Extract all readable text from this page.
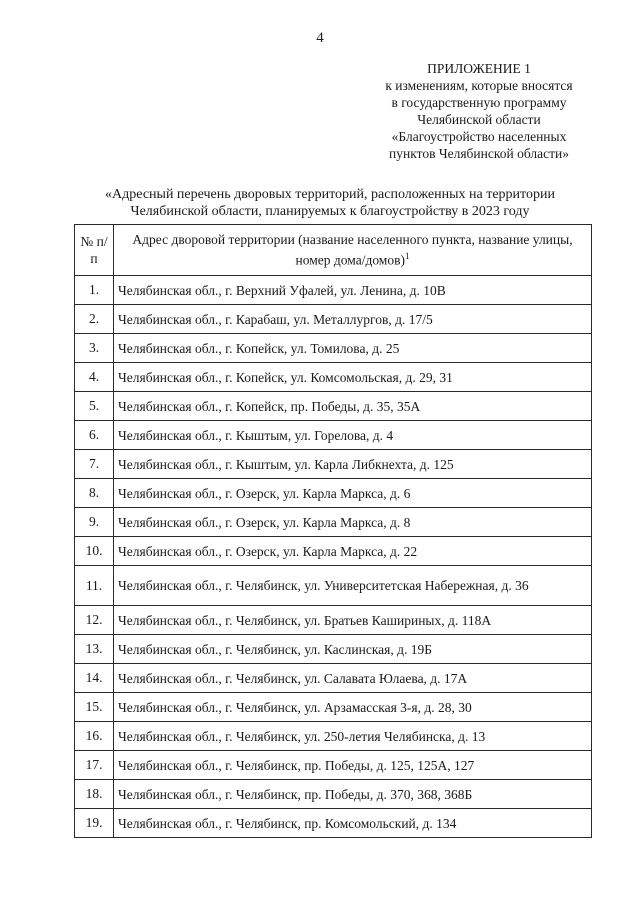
4
ПРИЛОЖЕНИЕ 1
к изменениям, которые вносятся
в государственную программу
Челябинской области
«Благоустройство населенных
пунктов Челябинской области»
«Адресный перечень дворовых территорий, расположенных на территории
Челябинской области, планируемых к благоустройству в 2023 году
№ п/п	Адрес дворовой территории (название населенного пункта, название улицы, номер дома/домов)$^1$
1.	Челябинская обл., г. Верхний Уфалей, ул. Ленина, д. 10В
2.	Челябинская обл., г. Карабаш, ул. Металлургов, д. 17/5
3.	Челябинская обл., г. Копейск, ул. Томилова, д. 25
4.	Челябинская обл., г. Копейск, ул. Комсомольская, д. 29, 31
5.	Челябинская обл., г. Копейск, пр. Победы, д. 35, 35А
6.	Челябинская обл., г. Кыштым, ул. Горелова, д. 4
7.	Челябинская обл., г. Кыштым, ул. Карла Либкнехта, д. 125
8.	Челябинская обл., г. Озерск, ул. Карла Маркса, д. 6
9.	Челябинская обл., г. Озерск, ул. Карла Маркса, д. 8
10.	Челябинская обл., г. Озерск, ул. Карла Маркса, д. 22
11.	Челябинская обл., г. Челябинск, ул. Университетская Набережная, д. 36
12.	Челябинская обл., г. Челябинск, ул. Братьев Кашириных, д. 118А
13.	Челябинская обл., г. Челябинск, ул. Каслинская, д. 19Б
14.	Челябинская обл., г. Челябинск, ул. Салавата Юлаева, д. 17А
15.	Челябинская обл., г. Челябинск, ул. Арзамасская 3-я, д. 28, 30
16.	Челябинская обл., г. Челябинск, ул. 250-летия Челябинска, д. 13
17.	Челябинская обл., г. Челябинск, пр. Победы, д. 125, 125А, 127
18.	Челябинская обл., г. Челябинск, пр. Победы, д. 370, 368, 368Б
19.	Челябинская обл., г. Челябинск, пр. Комсомольский, д. 134
